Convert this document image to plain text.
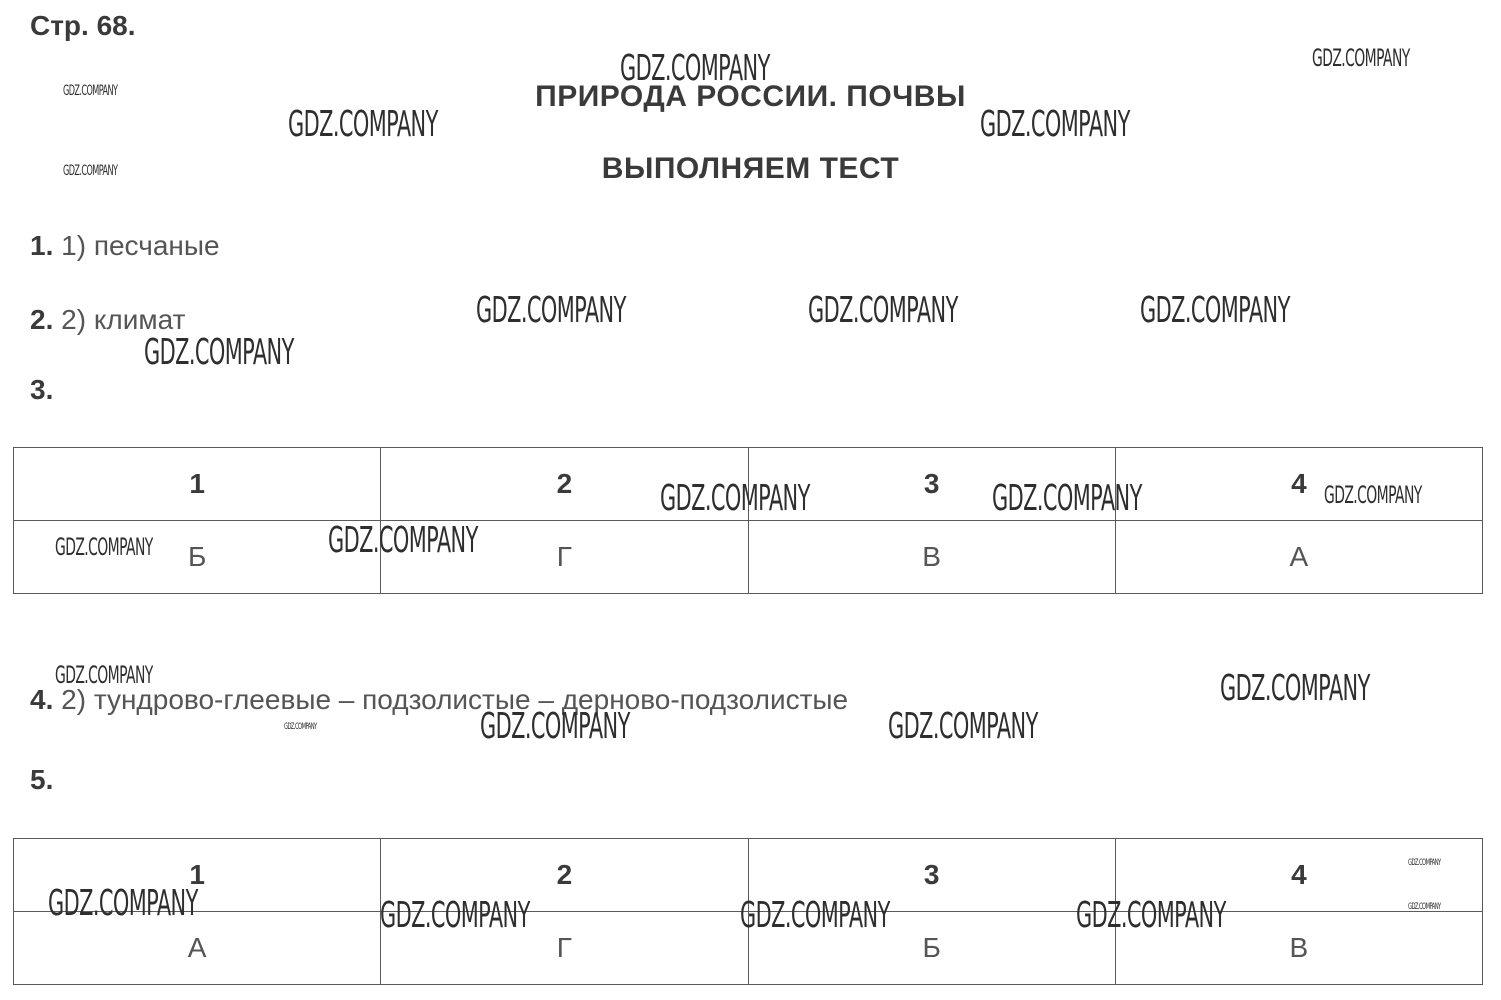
Стр. 68.
ПРИРОДА РОССИИ. ПОЧВЫ
ВЫПОЛНЯЕМ ТЕСТ
1. 1) песчаные
2. 2) климат
3.
1	2	3	4
Б	Г	В	А
4. 2) тундрово-глеевые – подзолистые – дерново-подзолистые
5.
1	2	3	4
А	Г	Б	В
GDZ.COMPANY	GDZ.COMPANY
GDZ.COMPANY
GDZ.COMPANY	GDZ.COMPANY
GDZ.COMPANY
GDZ.COMPANY	GDZ.COMPANY	GDZ.COMPANY
GDZ.COMPANY
GDZ.COMPANY	GDZ.COMPANY	GDZ.COMPANY
GDZ.COMPANY	GDZ.COMPANY
GDZ.COMPANY	GDZ.COMPANY
GDZ.COMPANY	GDZ.COMPANY
GDZ.COMPANY
GDZ.COMPANY
GDZ.COMPANY	GDZ.COMPANY	GDZ.COMPANY	GDZ.COMPANY	GDZ.COMPANY
